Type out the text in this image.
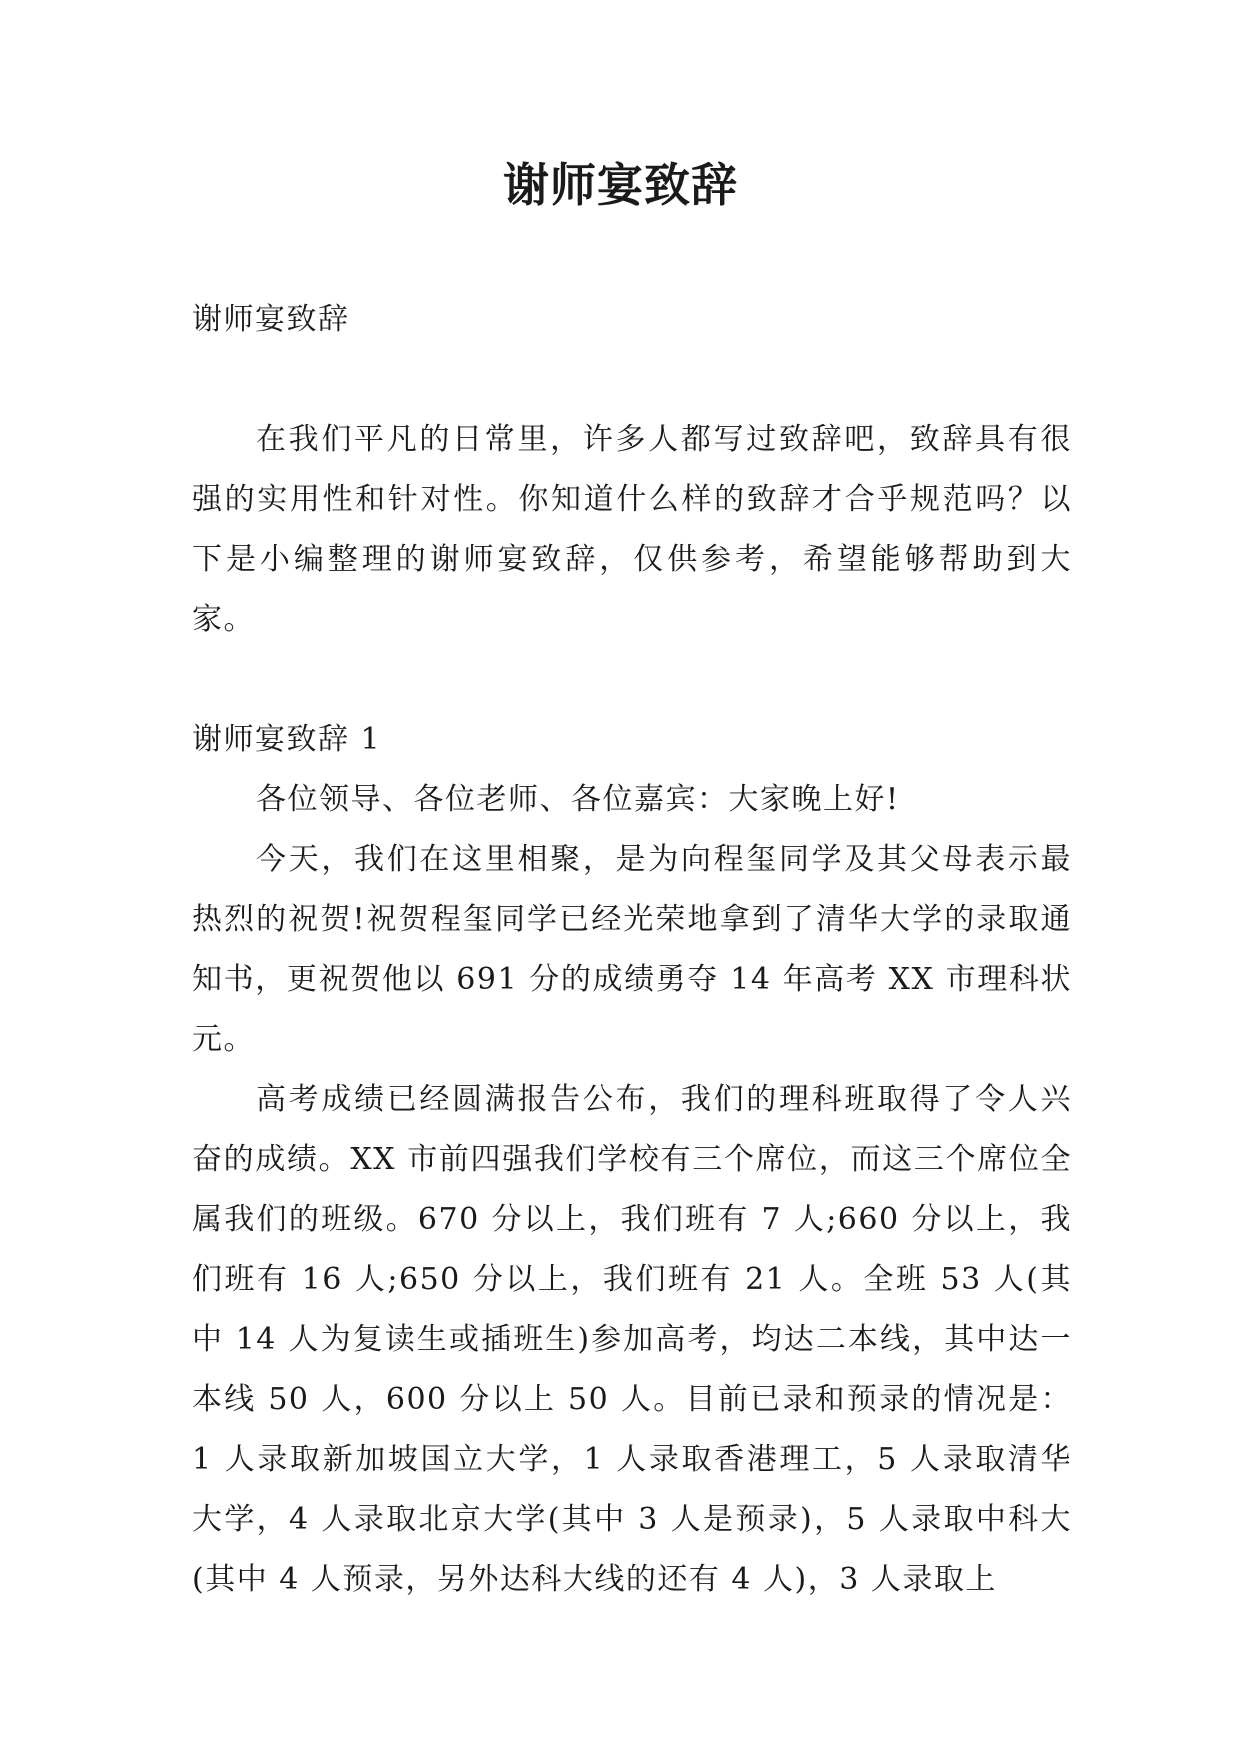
谢师宴致辞

谢师宴致辞

在我们平凡的日常里，许多人都写过致辞吧，致辞具有很强的实用性和针对性。你知道什么样的致辞才合乎规范吗？以下是小编整理的谢师宴致辞，仅供参考，希望能够帮助到大家。

谢师宴致辞 1

各位领导、各位老师、各位嘉宾：大家晚上好!

今天，我们在这里相聚，是为向程玺同学及其父母表示最热烈的祝贺!祝贺程玺同学已经光荣地拿到了清华大学的录取通知书，更祝贺他以 691 分的成绩勇夺 14 年高考 XX 市理科状元。

高考成绩已经圆满报告公布，我们的理科班取得了令人兴奋的成绩。XX 市前四强我们学校有三个席位，而这三个席位全属我们的班级。670 分以上，我们班有 7 人;660 分以上，我们班有 16 人;650 分以上，我们班有 21 人。全班 53 人(其中 14 人为复读生或插班生)参加高考，均达二本线，其中达一本线 50 人，600 分以上 50 人。目前已录和预录的情况是：1 人录取新加坡国立大学，1 人录取香港理工，5 人录取清华大学，4 人录取北京大学(其中 3 人是预录)，5 人录取中科大(其中 4 人预录，另外达科大线的还有 4 人)，3 人录取上
